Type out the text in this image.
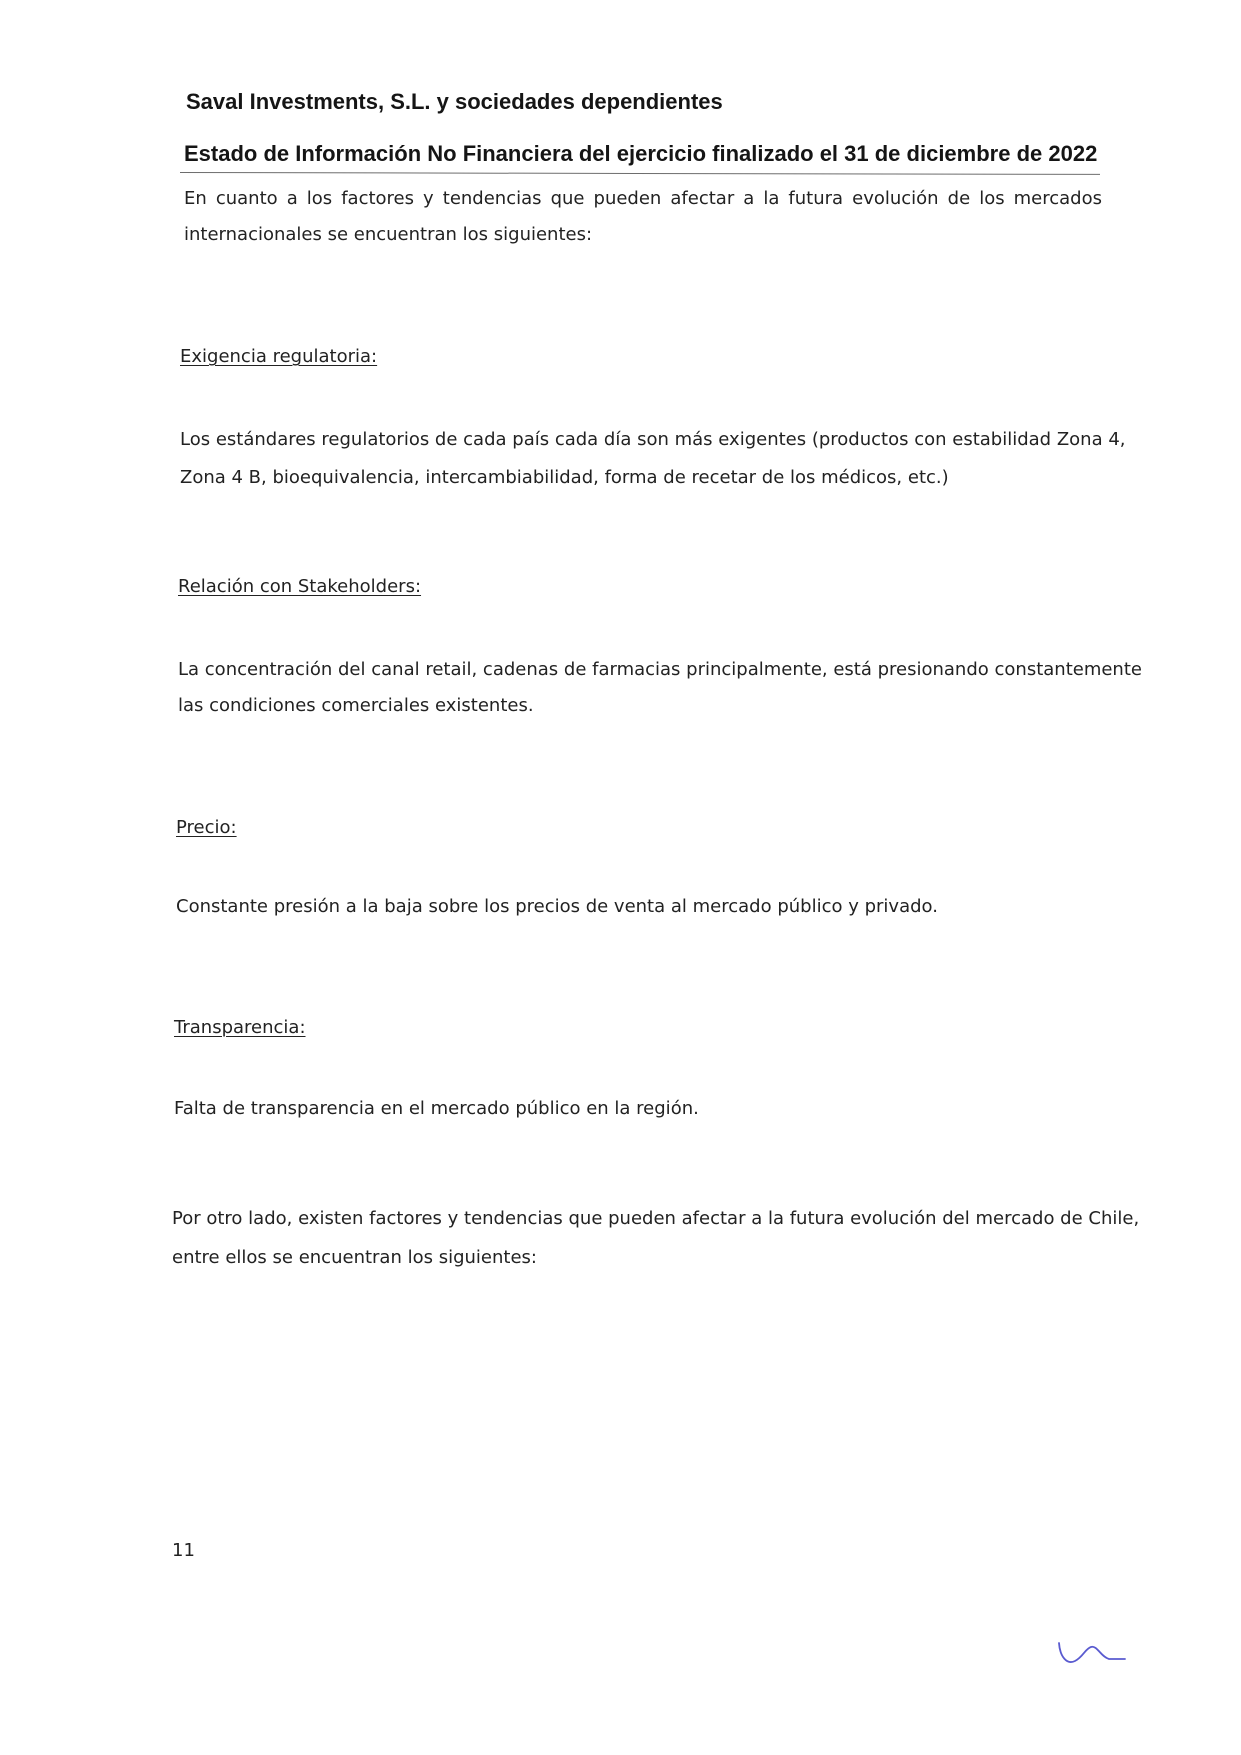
Saval Investments, S.L. y sociedades dependientes
Estado de Información No Financiera del ejercicio finalizado el 31 de diciembre de 2022
En cuanto a los factores y tendencias que pueden afectar a la futura evolución de los mercados
internacionales se encuentran los siguientes:
Exigencia regulatoria:
Los estándares regulatorios de cada país cada día son más exigentes (productos con estabilidad Zona 4,
Zona 4 B, bioequivalencia, intercambiabilidad, forma de recetar de los médicos, etc.)
Relación con Stakeholders:
La concentración del canal retail, cadenas de farmacias principalmente, está presionando constantemente
las condiciones comerciales existentes.
Precio:
Constante presión a la baja sobre los precios de venta al mercado público y privado.
Transparencia:
Falta de transparencia en el mercado público en la región.
Por otro lado, existen factores y tendencias que pueden afectar a la futura evolución del mercado de Chile,
entre ellos se encuentran los siguientes:
11
